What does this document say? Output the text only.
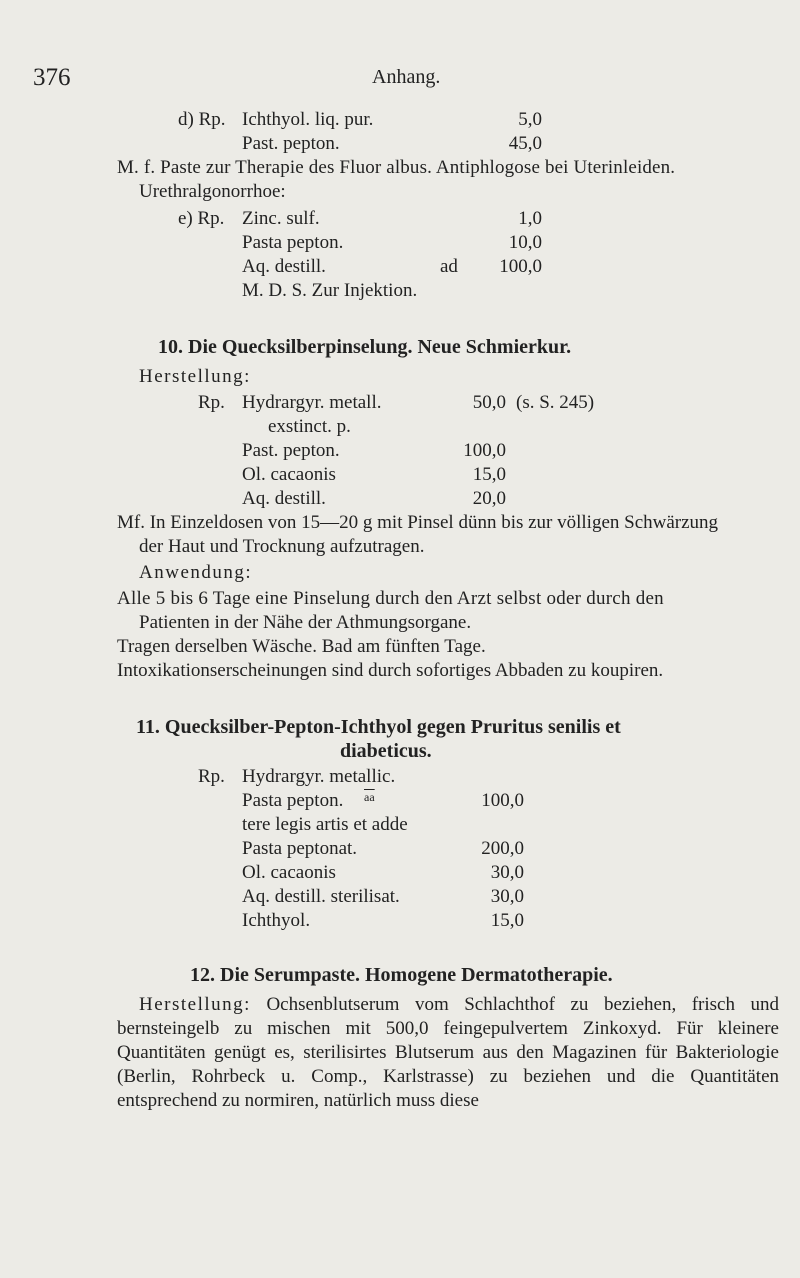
376	Anhang.
d) Rp. Ichthyol. liq. pur.	5,0
Past. pepton.	45,0
M. f. Paste zur Therapie des Fluor albus. Antiphlogose bei Uterinleiden.
Urethralgonorrhoe:
e) Rp. Zinc. sulf.	1,0
Pasta pepton.	10,0
Aq. destill.	ad	100,0
M. D. S. Zur Injektion.
10. Die Quecksilberpinselung. Neue Schmierkur.
Herstellung:
Rp. Hydrargyr. metall.	50,0 (s. S. 245)
exstinct. p.
Past. pepton.	100,0
Ol. cacaonis	15,0
Aq. destill.	20,0
Mf. In Einzeldosen von 15—20 g mit Pinsel dünn bis zur völligen Schwärzung
der Haut und Trocknung aufzutragen.
Anwendung:
Alle 5 bis 6 Tage eine Pinselung durch den Arzt selbst oder durch den
Patienten in der Nähe der Athmungsorgane.
Tragen derselben Wäsche. Bad am fünften Tage.
Intoxikationserscheinungen sind durch sofortiges Abbaden zu koupiren.
11. Quecksilber-Pepton-Ichthyol gegen Pruritus senilis et
diabeticus.
Rp. Hydrargyr. metallic.
Pasta pepton. $\overline{aa}$	100,0
tere legis artis et adde
Pasta peptonat.	200,0
Ol. cacaonis	30,0
Aq. destill. sterilisat.	30,0
Ichthyol.	15,0
12. Die Serumpaste. Homogene Dermatotherapie.
Herstellung: Ochsenblutserum vom Schlachthof zu beziehen, frisch und bernsteingelb zu mischen mit 500,0 feingepulvertem Zinkoxyd. Für kleinere Quantitäten genügt es, sterilisirtes Blutserum aus den Magazinen für Bakteriologie (Berlin, Rohrbeck u. Comp., Karlstrasse) zu beziehen und die Quantitäten entsprechend zu normiren, natürlich muss diese
